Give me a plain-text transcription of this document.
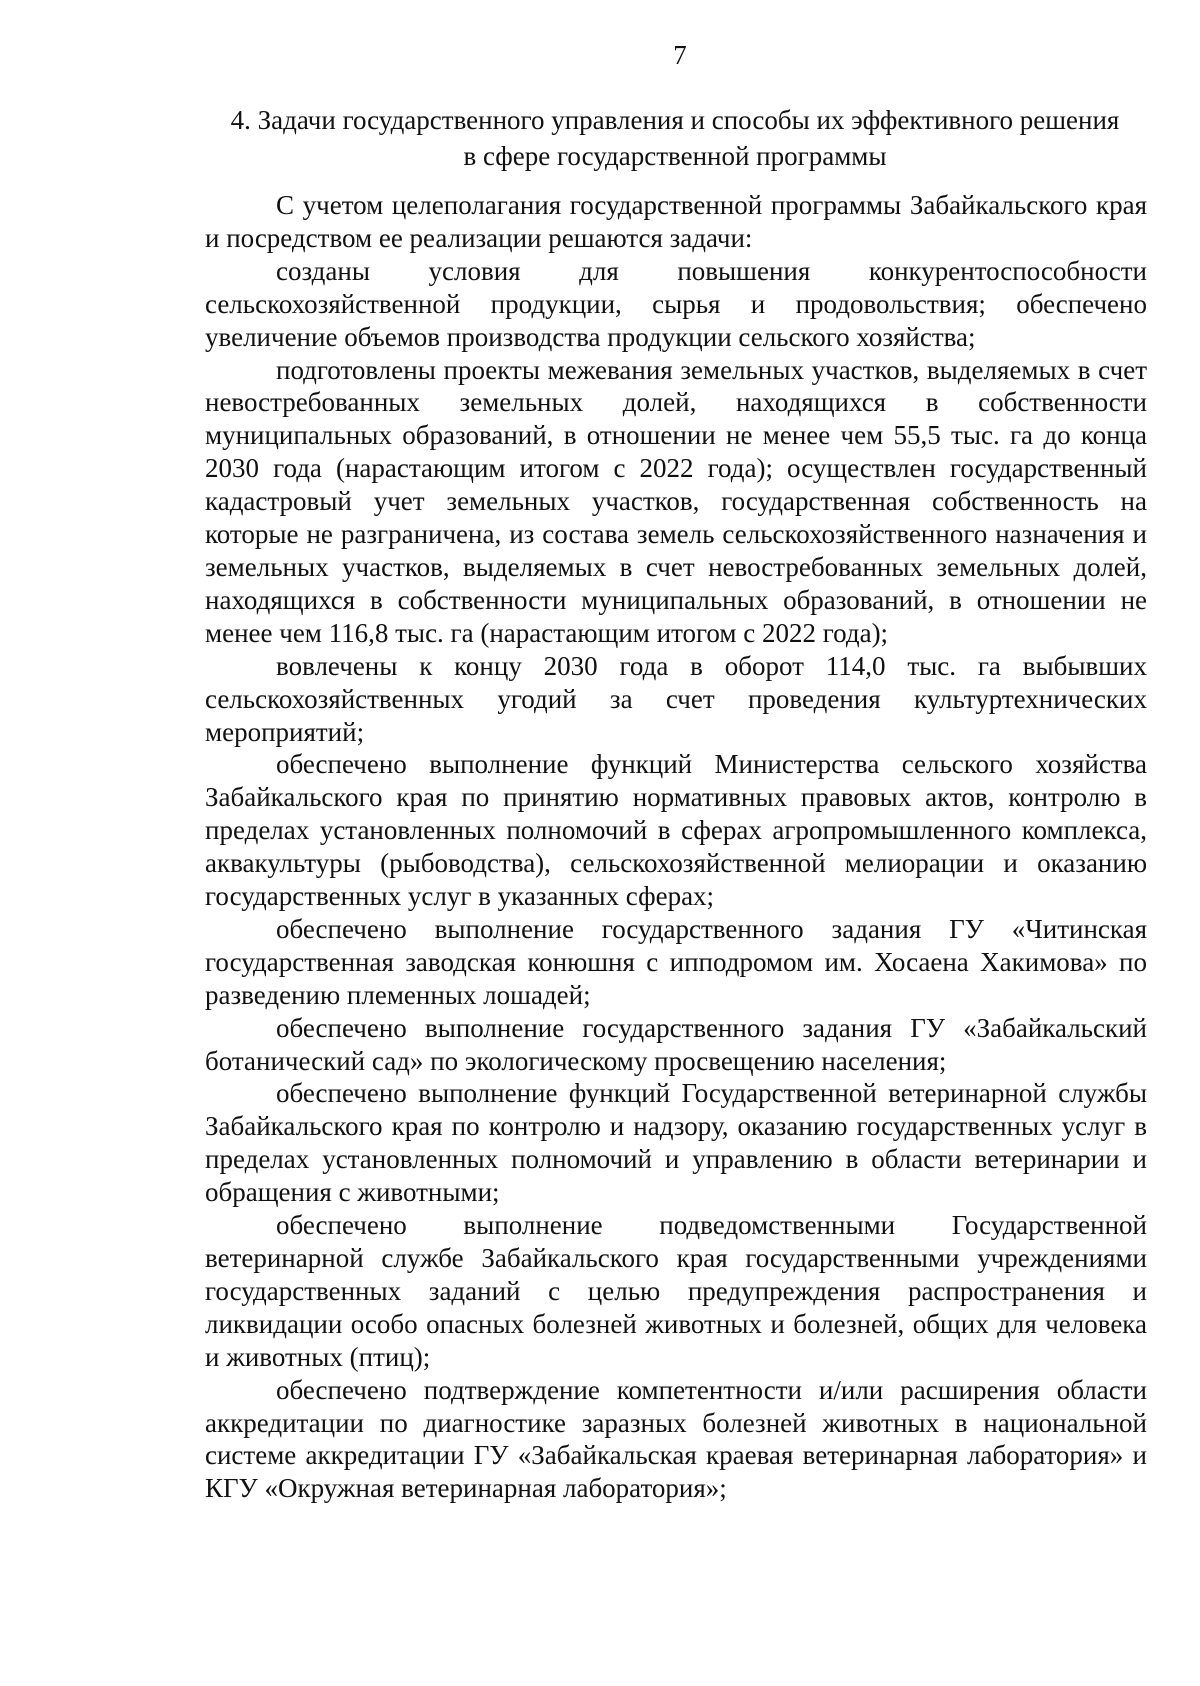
7
4. Задачи государственного управления и способы их эффективного решения
в сфере государственной программы

С учетом целеполагания государственной программы Забайкальского края и посредством ее реализации решаются задачи:

созданы условия для повышения конкурентоспособности сельскохозяйственной продукции, сырья и продовольствия; обеспечено увеличение объемов производства продукции сельского хозяйства;

подготовлены проекты межевания земельных участков, выделяемых в счет невостребованных земельных долей, находящихся в собственности муниципальных образований, в отношении не менее чем 55,5 тыс. га до конца 2030 года (нарастающим итогом с 2022 года); осуществлен государственный кадастровый учет земельных участков, государственная собственность на которые не разграничена, из состава земель сельскохозяйственного назначения и земельных участков, выделяемых в счет невостребованных земельных долей, находящихся в собственности муниципальных образований, в отношении не менее чем 116,8 тыс. га (нарастающим итогом с 2022 года);

вовлечены к концу 2030 года в оборот 114,0 тыс. га выбывших сельскохозяйственных угодий за счет проведения культуртехнических мероприятий;

обеспечено выполнение функций Министерства сельского хозяйства Забайкальского края по принятию нормативных правовых актов, контролю в пределах установленных полномочий в сферах агропромышленного комплекса, аквакультуры (рыбоводства), сельскохозяйственной мелиорации и оказанию государственных услуг в указанных сферах;

обеспечено выполнение государственного задания ГУ «Читинская государственная заводская конюшня с ипподромом им. Хосаена Хакимова» по разведению племенных лошадей;

обеспечено выполнение государственного задания ГУ «Забайкальский ботанический сад» по экологическому просвещению населения;

обеспечено выполнение функций Государственной ветеринарной службы Забайкальского края по контролю и надзору, оказанию государственных услуг в пределах установленных полномочий и управлению в области ветеринарии и обращения с животными;

обеспечено выполнение подведомственными Государственной ветеринарной службе Забайкальского края государственными учреждениями государственных заданий с целью предупреждения распространения и ликвидации особо опасных болезней животных и болезней, общих для человека и животных (птиц);

обеспечено подтверждение компетентности и/или расширения области аккредитации по диагностике заразных болезней животных в национальной системе аккредитации ГУ «Забайкальская краевая ветеринарная лаборатория» и КГУ «Окружная ветеринарная лаборатория»;
